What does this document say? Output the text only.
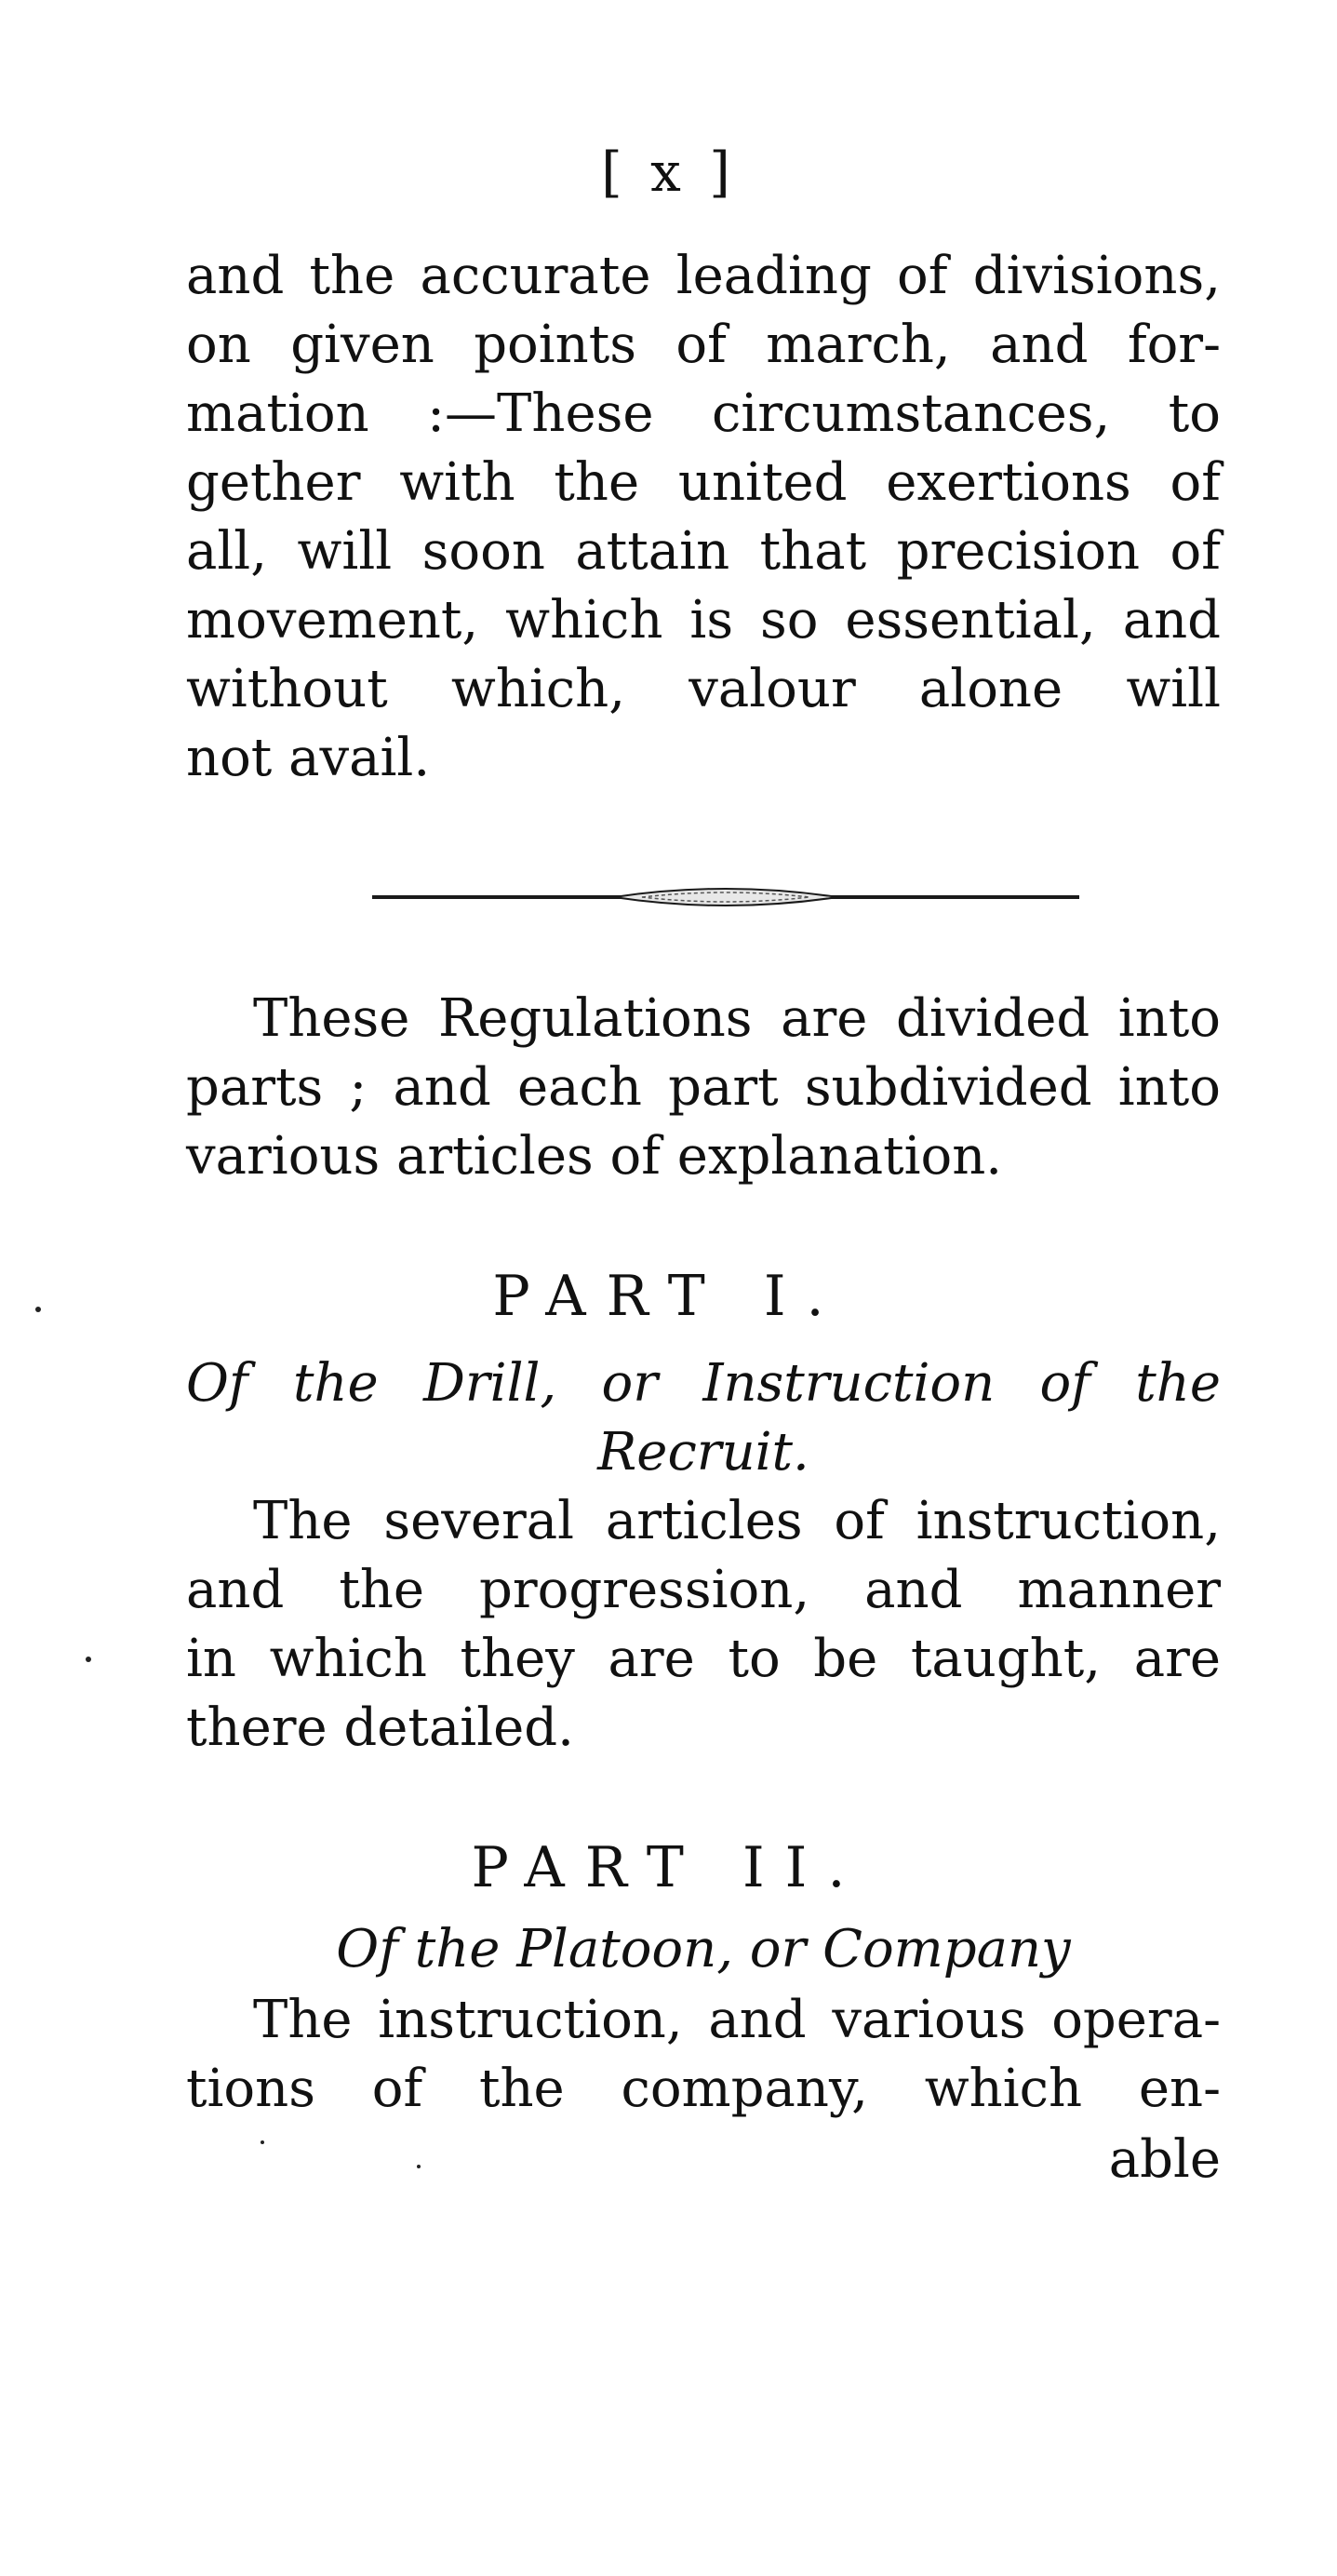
[ x ]
and the accurate leading of divisions,
on given points of march, and for-
mation :—These circumstances, to
gether with the united exertions of
all, will soon attain that precision of
movement, which is so essential, and
without which, valour alone will
not avail.
These Regulations are divided into
parts ; and each part subdivided into
various articles of explanation.
PART I.
Of the Drill, or Instruction of the
Recruit.
The several articles of instruction,
and the progression, and manner
in which they are to be taught, are
there detailed.
PART II.
Of the Platoon, or Company
The instruction, and various opera-
tions of the company, which en-
able
